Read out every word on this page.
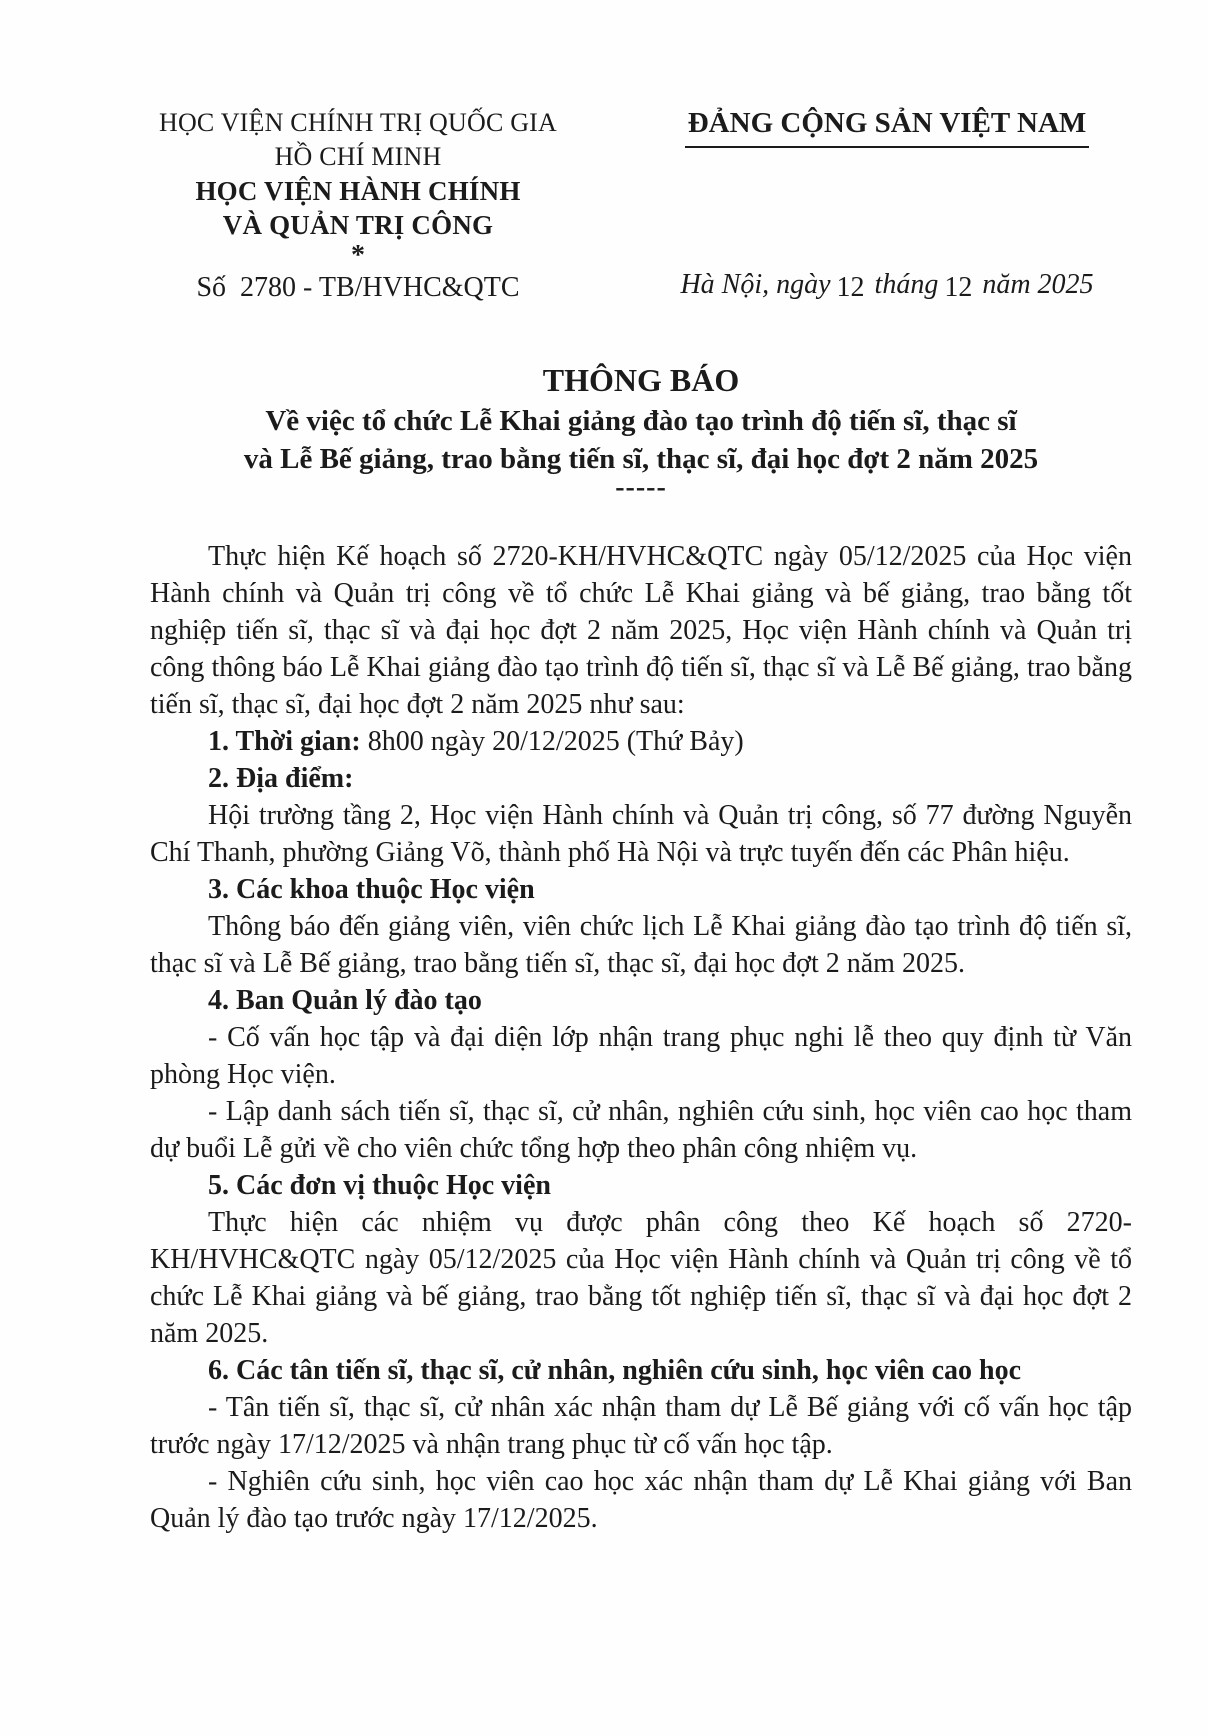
HỌC VIỆN CHÍNH TRỊ QUỐC GIA
HỒ CHÍ MINH
HỌC VIỆN HÀNH CHÍNH
VÀ QUẢN TRỊ CÔNG
*
Số  2780 - TB/HVHC&QTC
ĐẢNG CỘNG SẢN VIỆT NAM
Hà Nội, ngày 12 tháng 12 năm 2025
THÔNG BÁO
Về việc tổ chức Lễ Khai giảng đào tạo trình độ tiến sĩ, thạc sĩ
và Lễ Bế giảng, trao bằng tiến sĩ, thạc sĩ, đại học đợt 2 năm 2025
-----

Thực hiện Kế hoạch số 2720-KH/HVHC&QTC ngày 05/12/2025 của Học viện Hành chính và Quản trị công về tổ chức Lễ Khai giảng và bế giảng, trao bằng tốt nghiệp tiến sĩ, thạc sĩ và đại học đợt 2 năm 2025, Học viện Hành chính và Quản trị công thông báo Lễ Khai giảng đào tạo trình độ tiến sĩ, thạc sĩ và Lễ Bế giảng, trao bằng tiến sĩ, thạc sĩ, đại học đợt 2 năm 2025 như sau:

1. Thời gian: 8h00 ngày 20/12/2025 (Thứ Bảy)

2. Địa điểm:

Hội trường tầng 2, Học viện Hành chính và Quản trị công, số 77 đường Nguyễn Chí Thanh, phường Giảng Võ, thành phố Hà Nội và trực tuyến đến các Phân hiệu.

3. Các khoa thuộc Học viện

Thông báo đến giảng viên, viên chức lịch Lễ Khai giảng đào tạo trình độ tiến sĩ, thạc sĩ và Lễ Bế giảng, trao bằng tiến sĩ, thạc sĩ, đại học đợt 2 năm 2025.

4. Ban Quản lý đào tạo

- Cố vấn học tập và đại diện lớp nhận trang phục nghi lễ theo quy định từ Văn phòng Học viện.

- Lập danh sách tiến sĩ, thạc sĩ, cử nhân, nghiên cứu sinh, học viên cao học tham dự buổi Lễ gửi về cho viên chức tổng hợp theo phân công nhiệm vụ.

5. Các đơn vị thuộc Học viện

Thực hiện các nhiệm vụ được phân công theo Kế hoạch số 2720-KH/HVHC&QTC ngày 05/12/2025 của Học viện Hành chính và Quản trị công về tổ chức Lễ Khai giảng và bế giảng, trao bằng tốt nghiệp tiến sĩ, thạc sĩ và đại học đợt 2 năm 2025.

6. Các tân tiến sĩ, thạc sĩ, cử nhân, nghiên cứu sinh, học viên cao học

- Tân tiến sĩ, thạc sĩ, cử nhân xác nhận tham dự Lễ Bế giảng với cố vấn học tập trước ngày 17/12/2025 và nhận trang phục từ cố vấn học tập.

- Nghiên cứu sinh, học viên cao học xác nhận tham dự Lễ Khai giảng với Ban Quản lý đào tạo trước ngày 17/12/2025.
